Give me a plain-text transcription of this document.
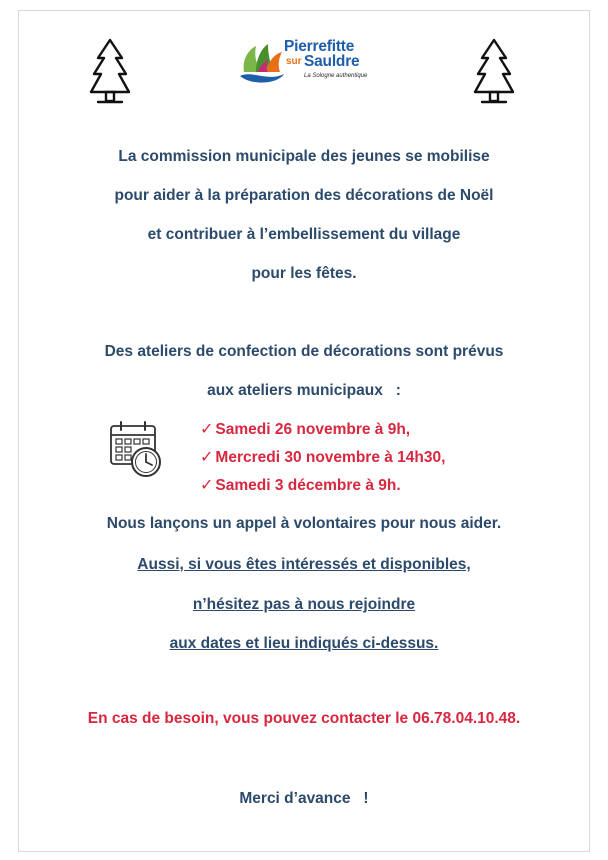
Pierrefitte
sur Sauldre
La Sologne authentique
La commission municipale des jeunes se mobilise
pour aider à la préparation des décorations de Noël
et contribuer à l’embellissement du village
pour les fêtes.
Des ateliers de confection de décorations sont prévus
aux ateliers municipaux   :
✓ Samedi 26 novembre à 9h,
✓ Mercredi 30 novembre à 14h30,
✓ Samedi 3 décembre à 9h.
Nous lançons un appel à volontaires pour nous aider.
Aussi, si vous êtes intéressés et disponibles,
n’hésitez pas à nous rejoindre
aux dates et lieu indiqués ci-dessus.
En cas de besoin, vous pouvez contacter le 06.78.04.10.48.
Merci d’avance   !
